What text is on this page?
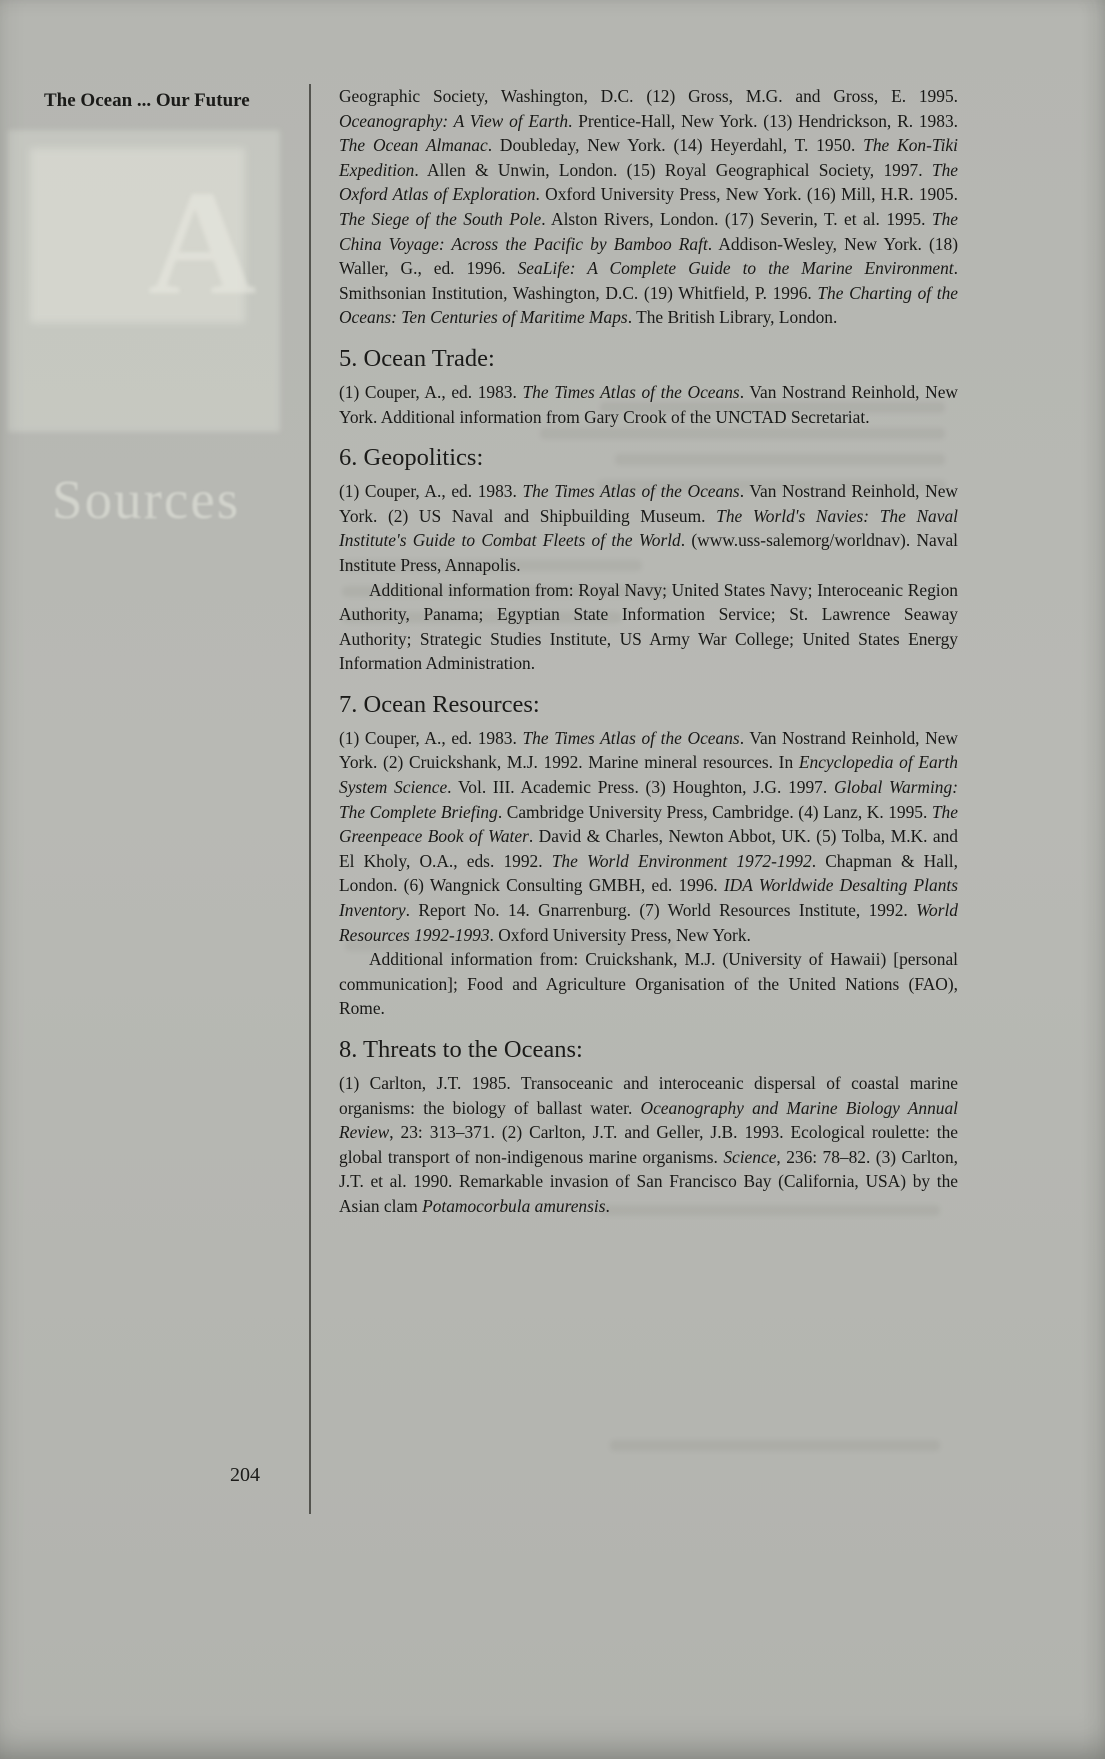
A
Sources
The Ocean ... Our Future
204

Geographic Society, Washington, D.C. (12) Gross, M.G. and Gross, E. 1995. Oceanography: A View of Earth. Prentice-Hall, New York. (13) Hendrickson, R. 1983. The Ocean Almanac. Doubleday, New York. (14) Heyerdahl, T. 1950. The Kon-Tiki Expedition. Allen & Unwin, London. (15) Royal Geographical Society, 1997. The Oxford Atlas of Exploration. Oxford University Press, New York. (16) Mill, H.R. 1905. The Siege of the South Pole. Alston Rivers, London. (17) Severin, T. et al. 1995. The China Voyage: Across the Pacific by Bamboo Raft. Addison-Wesley, New York. (18) Waller, G., ed. 1996. SeaLife: A Complete Guide to the Marine Environment. Smithsonian Institution, Washington, D.C. (19) Whitfield, P. 1996. The Charting of the Oceans: Ten Centuries of Maritime Maps. The British Library, London.

5. Ocean Trade:

(1) Couper, A., ed. 1983. The Times Atlas of the Oceans. Van Nostrand Reinhold, New York. Additional information from Gary Crook of the UNCTAD Secretariat.

6. Geopolitics:

(1) Couper, A., ed. 1983. The Times Atlas of the Oceans. Van Nostrand Reinhold, New York. (2) US Naval and Shipbuilding Museum. The World's Navies: The Naval Institute's Guide to Combat Fleets of the World. (www.uss-salemorg/worldnav). Naval Institute Press, Annapolis.

Additional information from: Royal Navy; United States Navy; Interoceanic Region Authority, Panama; Egyptian State Information Service; St. Lawrence Seaway Authority; Strategic Studies Institute, US Army War College; United States Energy Information Administration.

7. Ocean Resources:

(1) Couper, A., ed. 1983. The Times Atlas of the Oceans. Van Nostrand Reinhold, New York. (2) Cruickshank, M.J. 1992. Marine mineral resources. In Encyclopedia of Earth System Science. Vol. III. Academic Press. (3) Houghton, J.G. 1997. Global Warming: The Complete Briefing. Cambridge University Press, Cambridge. (4) Lanz, K. 1995. The Greenpeace Book of Water. David & Charles, Newton Abbot, UK. (5) Tolba, M.K. and El Kholy, O.A., eds. 1992. The World Environment 1972-1992. Chapman & Hall, London. (6) Wangnick Consulting GMBH, ed. 1996. IDA Worldwide Desalting Plants Inventory. Report No. 14. Gnarrenburg. (7) World Resources Institute, 1992. World Resources 1992-1993. Oxford University Press, New York.

Additional information from: Cruickshank, M.J. (University of Hawaii) [personal communication]; Food and Agriculture Organisation of the United Nations (FAO), Rome.

8. Threats to the Oceans:

(1) Carlton, J.T. 1985. Transoceanic and interoceanic dispersal of coastal marine organisms: the biology of ballast water. Oceanography and Marine Biology Annual Review, 23: 313–371. (2) Carlton, J.T. and Geller, J.B. 1993. Ecological roulette: the global transport of non-indigenous marine organisms. Science, 236: 78–82. (3) Carlton, J.T. et al. 1990. Remarkable invasion of San Francisco Bay (California, USA) by the Asian clam Potamocorbula amurensis.
